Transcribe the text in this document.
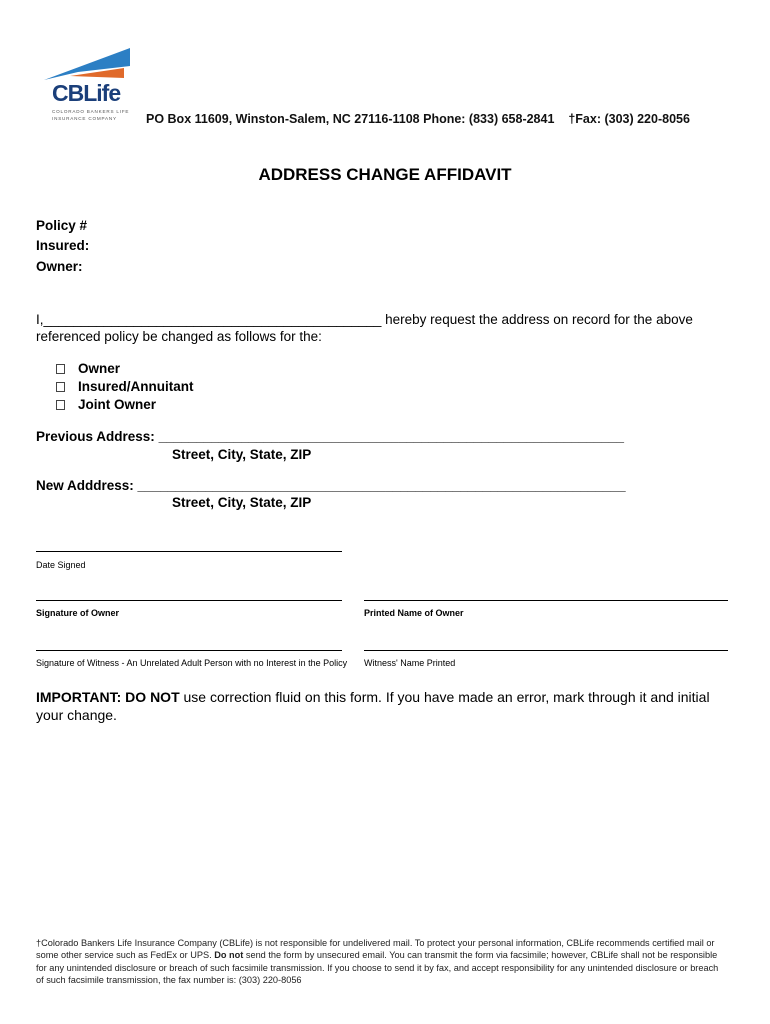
CBLife
COLORADO BANKERS LIFE
INSURANCE COMPANY PO Box 11609, Winston-Salem, NC 27116-1108 Phone: (833) 658-2841 †Fax: (303) 220-8056
ADDRESS CHANGE AFFIDAVIT
Policy #
Insured:
Owner:
I,_____________________________________________ hereby request the address on record for the above
referenced policy be changed as follows for the:
Owner
Insured/Annuitant
Joint Owner
Previous Address: ______________________________________________________________
Street, City, State, ZIP
New Adddress: _________________________________________________________________
Street, City, State, ZIP
Date Signed
Signature of Owner	Printed Name of Owner
Signature of Witness - An Unrelated Adult Person with no Interest in the Policy Witness' Name Printed
IMPORTANT: DO NOT use correction fluid on this form. If you have made an error, mark through it and initial your change.
†Colorado Bankers Life Insurance Company (CBLife) is not responsible for undelivered mail. To protect your personal information, CBLife recommends certified mail or some other service such as FedEx or UPS. Do not send the form by unsecured email. You can transmit the form via facsimile; however, CBLife shall not be responsible for any unintended disclosure or breach of such facsimile transmission. If you choose to send it by fax, and accept responsibility for any unintended disclosure or breach of such facsimile transmission, the fax number is: (303) 220-8056
